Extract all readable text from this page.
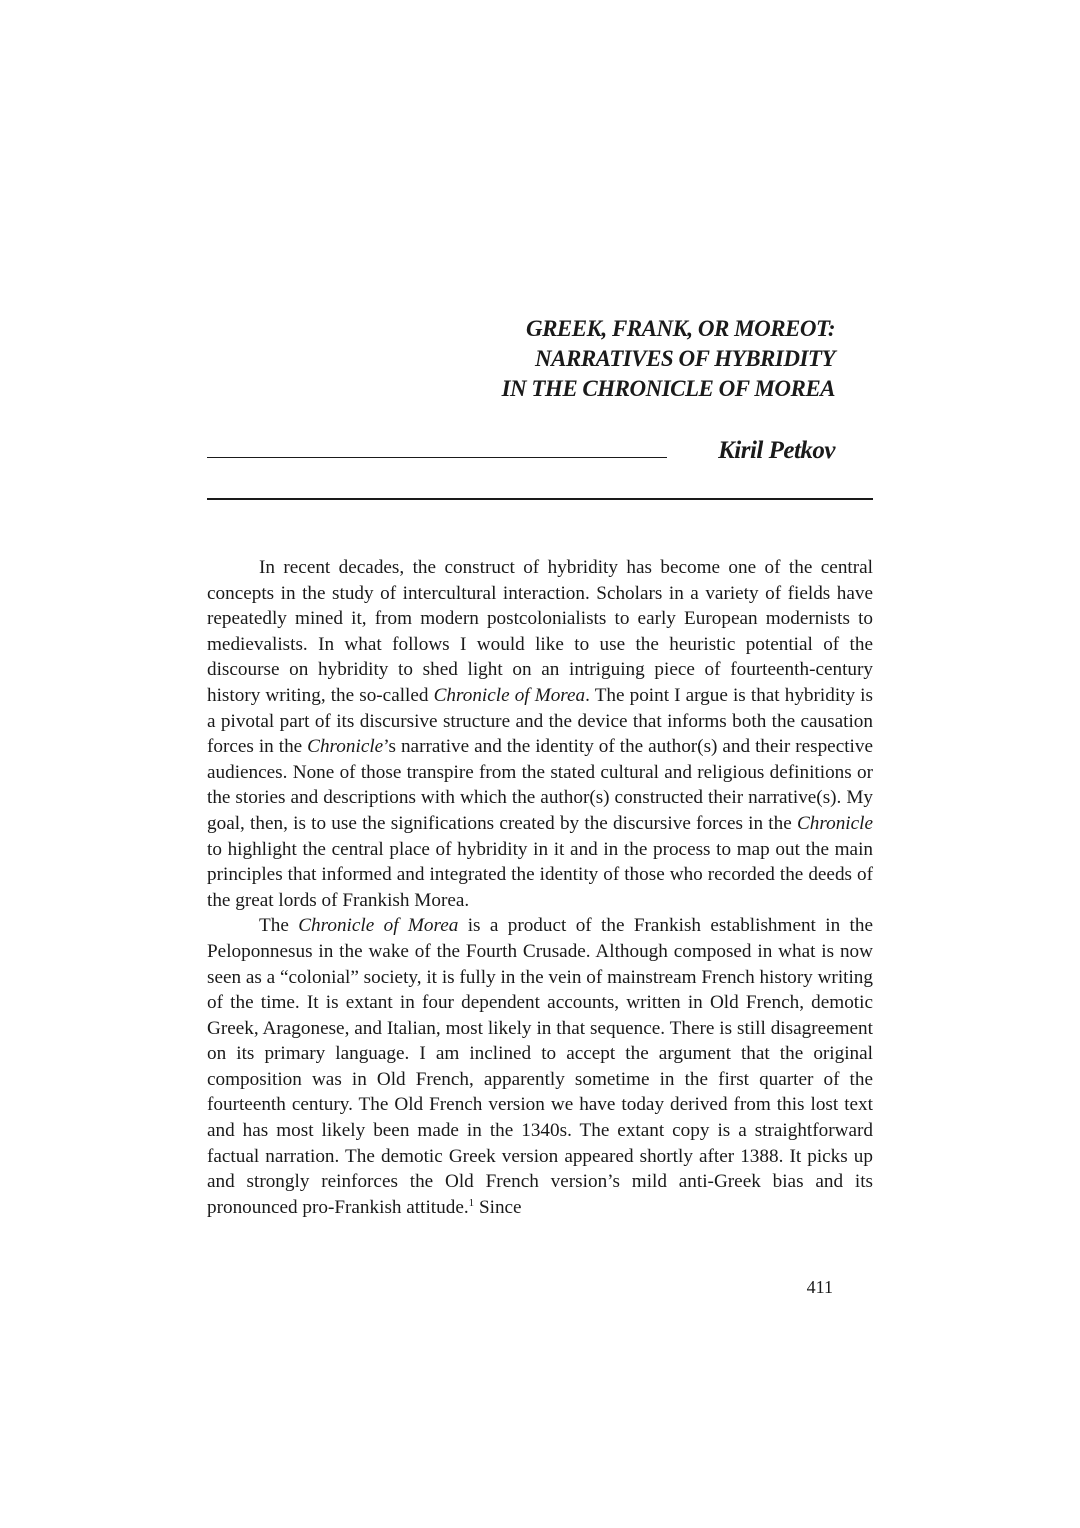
GREEK, FRANK, OR MOREOT:
NARRATIVES OF HYBRIDITY
IN THE CHRONICLE OF MOREA
Kiril Petkov

In recent decades, the construct of hybridity has become one of the central concepts in the study of intercultural interaction. Scholars in a variety of fields have repeatedly mined it, from modern postcolonialists to early European modernists to medievalists. In what follows I would like to use the heuristic potential of the discourse on hybridity to shed light on an intriguing piece of fourteenth-century history writing, the so-called Chronicle of Morea. The point I argue is that hybridity is a pivotal part of its discursive structure and the device that informs both the causation forces in the Chronicle’s narrative and the identity of the author(s) and their respective audiences. None of those transpire from the stated cultural and religious definitions or the stories and descriptions with which the author(s) constructed their narrative(s). My goal, then, is to use the significations created by the discursive forces in the Chronicle to highlight the central place of hybridity in it and in the process to map out the main principles that informed and integrated the identity of those who recorded the deeds of the great lords of Frankish Morea.

The Chronicle of Morea is a product of the Frankish establishment in the Peloponnesus in the wake of the Fourth Crusade. Although composed in what is now seen as a “colonial” society, it is fully in the vein of mainstream French history writing of the time. It is extant in four dependent accounts, written in Old French, demotic Greek, Aragonese, and Italian, most likely in that sequence. There is still disagreement on its primary language. I am inclined to accept the argument that the original composition was in Old French, apparently sometime in the first quarter of the fourteenth century. The Old French version we have today derived from this lost text and has most likely been made in the 1340s. The extant copy is a straightforward factual narration. The demotic Greek version appeared shortly after 1388. It picks up and strongly reinforces the Old French version’s mild anti-Greek bias and its pronounced pro-Frankish attitude.$^1$ Since

411
